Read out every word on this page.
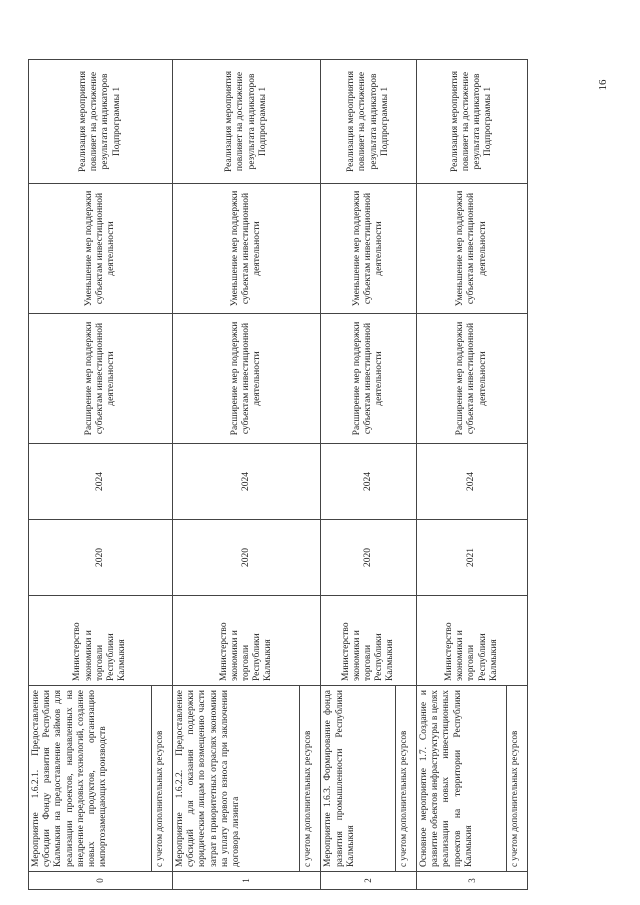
16
0	Мероприятие 1.6.2.1. Предоставление субсидии Фонду развития Республики Калмыкия на предоставление займов для реализации проектов, направленных на внедрение передовых технологий, создание новых продуктов, организацию импортозамещающих производств	Министерство экономики и торговли Республики Калмыкия	2020	2024	Расширение мер поддержки субъектам инвестиционной деятельности	Уменьшение мер поддержки субъектам инвестиционной деятельности	Реализация мероприятия повлияет на достижение результата индикаторов Подпрограммы 1
	с учетом дополнительных ресурсов						
1	Мероприятие 1.6.2.2. Предоставление субсидий для оказания поддержки юридическим лицам по возмещению части затрат в приоритетных отраслях экономики на уплату первого взноса при заключении договора лизинга	Министерство экономики и торговли Республики Калмыкия	2020	2024	Расширение мер поддержки субъектам инвестиционной деятельности	Уменьшение мер поддержки субъектам инвестиционной деятельности	Реализация мероприятия повлияет на достижение результата индикаторов Подпрограммы 1
	с учетом дополнительных ресурсов						
2	Мероприятие 1.6.3. Формирование фонда развития промышленности Республики Калмыкия	Министерство экономики и торговли Республики Калмыкия	2020	2024	Расширение мер поддержки субъектам инвестиционной деятельности	Уменьшение мер поддержки субъектам инвестиционной деятельности	Реализация мероприятия повлияет на достижение результата индикаторов Подпрограммы 1
	с учетом дополнительных ресурсов						
3	Основное мероприятие 1.7. Создание и развитие объектов инфраструктуры в целях реализации новых инвестиционных проектов на территории Республики Калмыкия	Министерство экономики и торговли Республики Калмыкия	2021	2024	Расширение мер поддержки субъектам инвестиционной деятельности	Уменьшение мер поддержки субъектам инвестиционной деятельности	Реализация мероприятия повлияет на достижение результата индикаторов Подпрограммы 1
	с учетом дополнительных ресурсов						
